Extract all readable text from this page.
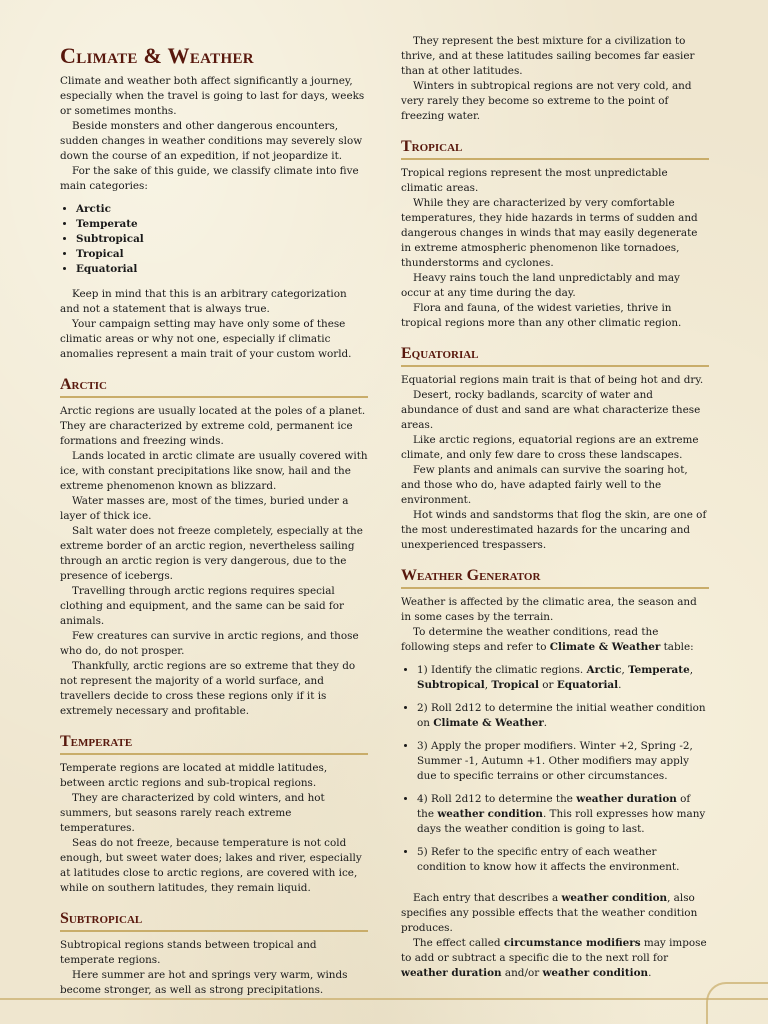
Climate & Weather

Climate and weather both affect significantly a journey, especially when the travel is going to last for days, weeks or sometimes months.

Beside monsters and other dangerous encounters, sudden changes in weather conditions may severely slow down the course of an expedition, if not jeopardize it.

For the sake of this guide, we classify climate into five main categories:

• Arctic
• Temperate
• Subtropical
• Tropical
• Equatorial

Keep in mind that this is an arbitrary categorization and not a statement that is always true.

Your campaign setting may have only some of these climatic areas or why not one, especially if climatic anomalies represent a main trait of your custom world.

Arctic

Arctic regions are usually located at the poles of a planet. They are characterized by extreme cold, permanent ice formations and freezing winds.

Lands located in arctic climate are usually covered with ice, with constant precipitations like snow, hail and the extreme phenomenon known as blizzard.

Water masses are, most of the times, buried under a layer of thick ice.

Salt water does not freeze completely, especially at the extreme border of an arctic region, nevertheless sailing through an arctic region is very dangerous, due to the presence of icebergs.

Travelling through arctic regions requires special clothing and equipment, and the same can be said for animals.

Few creatures can survive in arctic regions, and those who do, do not prosper.

Thankfully, arctic regions are so extreme that they do not represent the majority of a world surface, and travellers decide to cross these regions only if it is extremely necessary and profitable.

Temperate

Temperate regions are located at middle latitudes, between arctic regions and sub-tropical regions.

They are characterized by cold winters, and hot summers, but seasons rarely reach extreme temperatures.

Seas do not freeze, because temperature is not cold enough, but sweet water does; lakes and river, especially at latitudes close to arctic regions, are covered with ice, while on southern latitudes, they remain liquid.

Subtropical

Subtropical regions stands between tropical and temperate regions.

Here summer are hot and springs very warm, winds become stronger, as well as strong precipitations.

They represent the best mixture for a civilization to thrive, and at these latitudes sailing becomes far easier than at other latitudes.

Winters in subtropical regions are not very cold, and very rarely they become so extreme to the point of freezing water.

Tropical

Tropical regions represent the most unpredictable climatic areas.

While they are characterized by very comfortable temperatures, they hide hazards in terms of sudden and dangerous changes in winds that may easily degenerate in extreme atmospheric phenomenon like tornadoes, thunderstorms and cyclones.

Heavy rains touch the land unpredictably and may occur at any time during the day.

Flora and fauna, of the widest varieties, thrive in tropical regions more than any other climatic region.

Equatorial

Equatorial regions main trait is that of being hot and dry.

Desert, rocky badlands, scarcity of water and abundance of dust and sand are what characterize these areas.

Like arctic regions, equatorial regions are an extreme climate, and only few dare to cross these landscapes.

Few plants and animals can survive the soaring hot, and those who do, have adapted fairly well to the environment.

Hot winds and sandstorms that flog the skin, are one of the most underestimated hazards for the uncaring and unexperienced trespassers.

Weather Generator

Weather is affected by the climatic area, the season and in some cases by the terrain.

To determine the weather conditions, read the following steps and refer to Climate & Weather table:

• 1) Identify the climatic regions. Arctic, Temperate, Subtropical, Tropical or Equatorial.
• 2) Roll 2d12 to determine the initial weather condition on Climate & Weather.
• 3) Apply the proper modifiers. Winter +2, Spring -2, Summer -1, Autumn +1. Other modifiers may apply due to specific terrains or other circumstances.
• 4) Roll 2d12 to determine the weather duration of the weather condition. This roll expresses how many days the weather condition is going to last.
• 5) Refer to the specific entry of each weather condition to know how it affects the environment.

Each entry that describes a weather condition, also specifies any possible effects that the weather condition produces.

The effect called circumstance modifiers may impose to add or subtract a specific die to the next roll for weather duration and/or weather condition.
